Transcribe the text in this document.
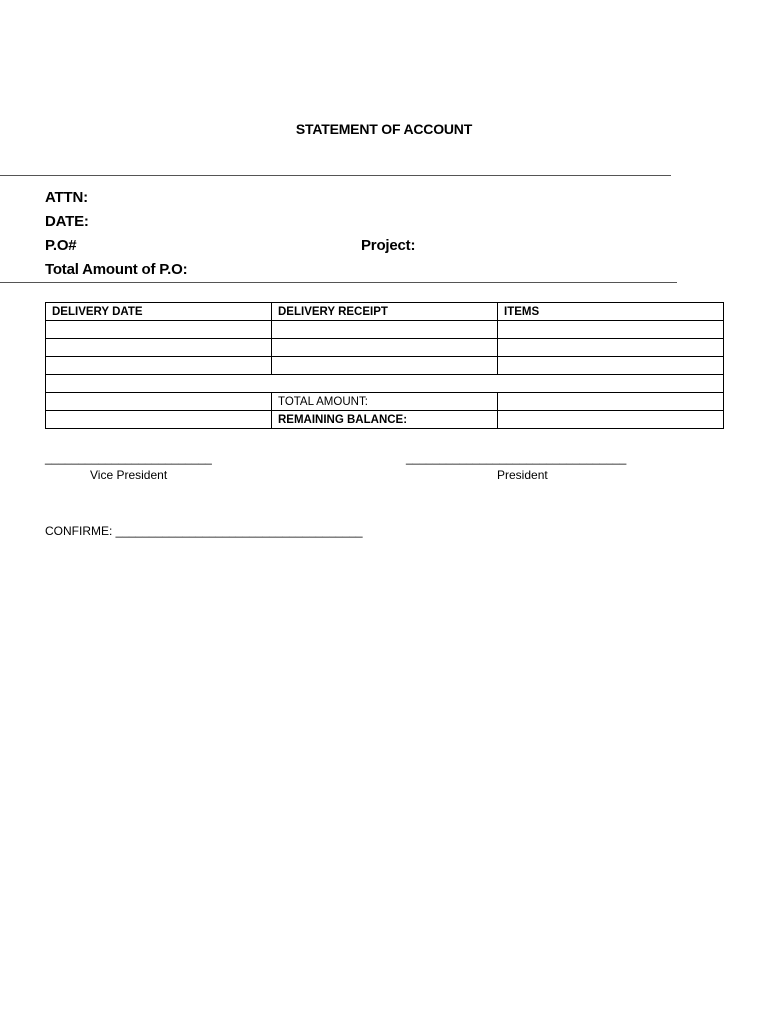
STATEMENT OF ACCOUNT
ATTN:
DATE:
P.O#	Project:
Total Amount of P.O:
DELIVERY DATE	DELIVERY RECEIPT	ITEMS

	TOTAL AMOUNT:	
	REMAINING BALANCE:	
_________________________
Vice President
_________________________________
President
CONFIRME: _____________________________________
